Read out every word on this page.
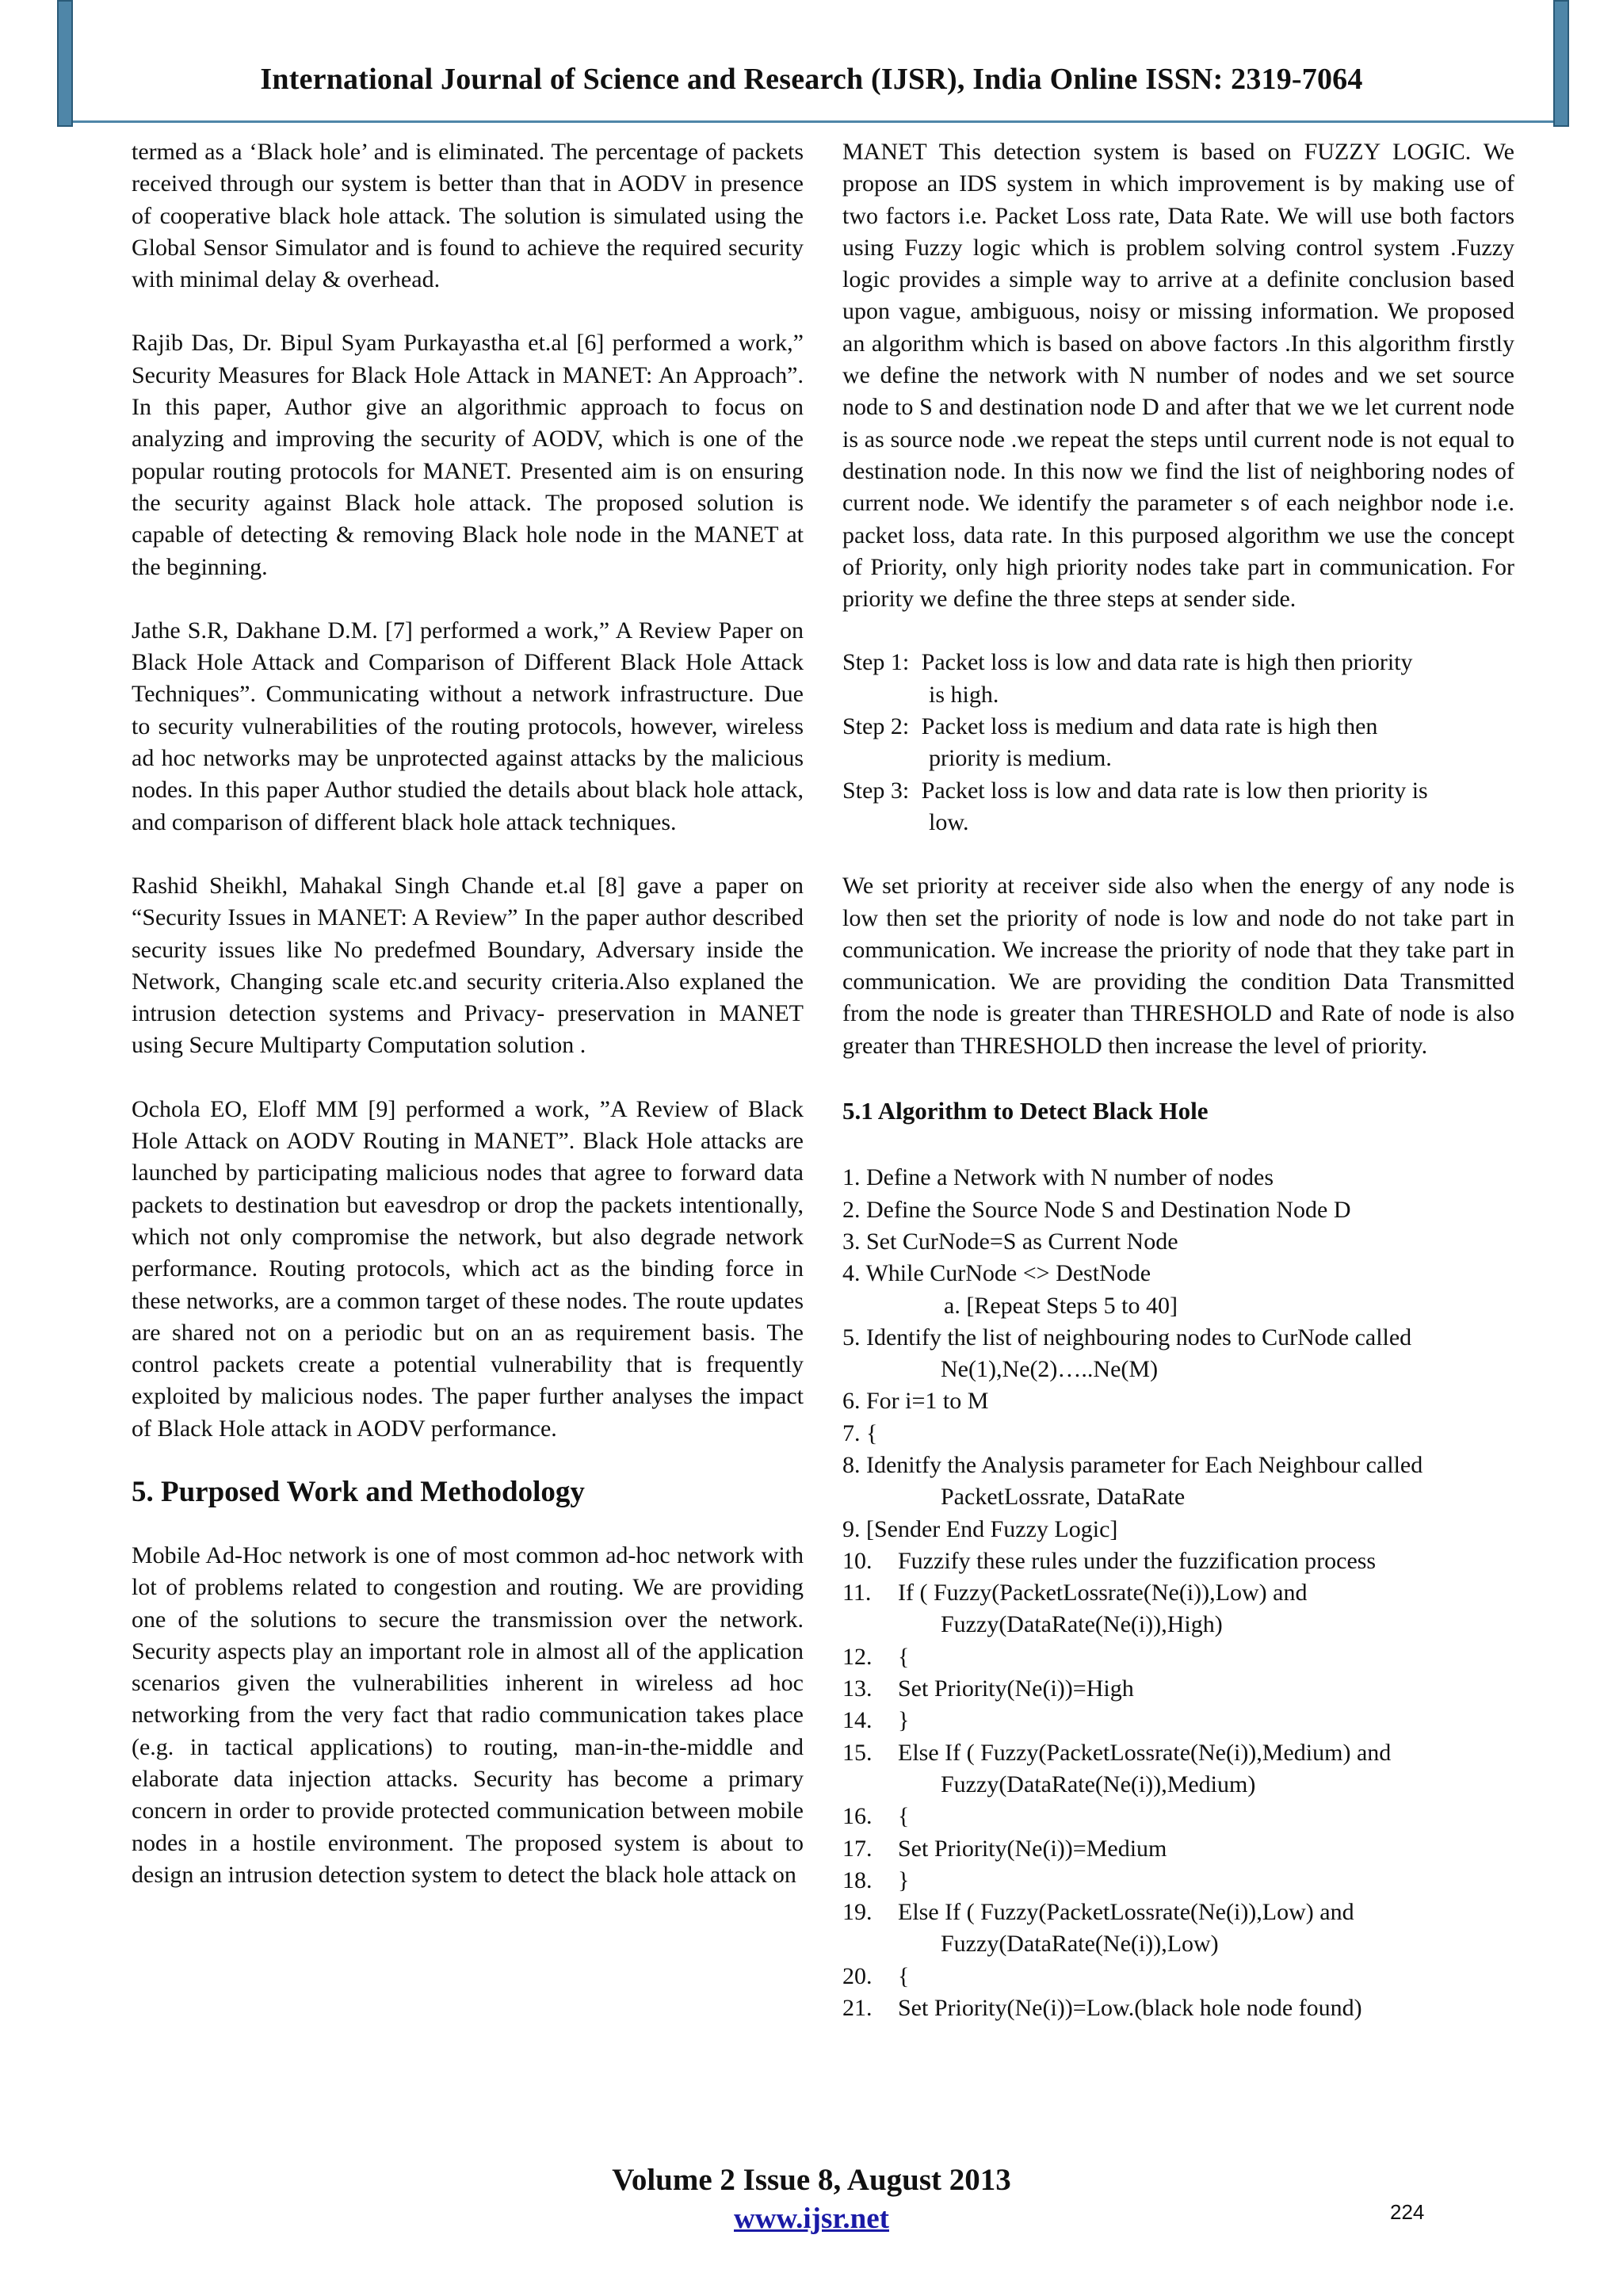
International Journal of Science and Research (IJSR), India Online ISSN: 2319-7064

termed as a ‘Black hole’ and is eliminated. The percentage of packets received through our system is better than that in AODV in presence of cooperative black hole attack. The solution is simulated using the Global Sensor Simulator and is found to achieve the required security with minimal delay & overhead.

Rajib Das, Dr. Bipul Syam Purkayastha et.al [6] performed a work,” Security Measures for Black Hole Attack in MANET: An Approach”. In this paper, Author give an algorithmic approach to focus on analyzing and improving the security of AODV, which is one of the popular routing protocols for MANET. Presented aim is on ensuring the security against Black hole attack. The proposed solution is capable of detecting & removing Black hole node in the MANET at the beginning.

Jathe S.R, Dakhane D.M. [7] performed a work,” A Review Paper on Black Hole Attack and Comparison of Different Black Hole Attack Techniques”. Communicating without a network infrastructure. Due to security vulnerabilities of the routing protocols, however, wireless ad hoc networks may be unprotected against attacks by the malicious nodes. In this paper Author studied the details about black hole attack, and comparison of different black hole attack techniques.

Rashid Sheikhl, Mahakal Singh Chande et.al [8] gave a paper on “Security Issues in MANET: A Review” In the paper author described security issues like No predefmed Boundary, Adversary inside the Network, Changing scale etc.and security criteria.Also explaned the intrusion detection systems and Privacy- preservation in MANET using Secure Multiparty Computation solution .

Ochola EO, Eloff MM [9] performed a work, ”A Review of Black Hole Attack on AODV Routing in MANET”. Black Hole attacks are launched by participating malicious nodes that agree to forward data packets to destination but eavesdrop or drop the packets intentionally, which not only compromise the network, but also degrade network performance. Routing protocols, which act as the binding force in these networks, are a common target of these nodes. The route updates are shared not on a periodic but on an as requirement basis. The control packets create a potential vulnerability that is frequently exploited by malicious nodes. The paper further analyses the impact of Black Hole attack in AODV performance.

5. Purposed Work and Methodology

Mobile Ad-Hoc network is one of most common ad-hoc network with lot of problems related to congestion and routing. We are providing one of the solutions to secure the transmission over the network. Security aspects play an important role in almost all of the application scenarios given the vulnerabilities inherent in wireless ad hoc networking from the very fact that radio communication takes place (e.g. in tactical applications) to routing, man-in-the-middle and elaborate data injection attacks. Security has become a primary concern in order to provide protected communication between mobile nodes in a hostile environment. The proposed system is about to design an intrusion detection system to detect the black hole attack on

MANET This detection system is based on FUZZY LOGIC. We propose an IDS system in which improvement is by making use of two factors i.e. Packet Loss rate, Data Rate. We will use both factors using Fuzzy logic which is problem solving control system .Fuzzy logic provides a simple way to arrive at a definite conclusion based upon vague, ambiguous, noisy or missing information. We proposed an algorithm which is based on above factors .In this algorithm firstly we define the network with N number of nodes and we set source node to S and destination node D and after that we we let current node is as source node .we repeat the steps until current node is not equal to destination node. In this now we find the list of neighboring nodes of current node. We identify the parameter s of each neighbor node i.e. packet loss, data rate. In this purposed algorithm we use the concept of Priority, only high priority nodes take part in communication. For priority we define the three steps at sender side.

Step 1: Packet loss is low and data rate is high then priority
is high.
Step 2: Packet loss is medium and data rate is high then
priority is medium.
Step 3: Packet loss is low and data rate is low then priority is
low.

We set priority at receiver side also when the energy of any node is low then set the priority of node is low and node do not take part in communication. We increase the priority of node that they take part in communication. We are providing the condition Data Transmitted from the node is greater than THRESHOLD and Rate of node is also greater than THRESHOLD then increase the level of priority.

5.1 Algorithm to Detect Black Hole
1. Define a Network with N number of nodes
2. Define the Source Node S and Destination Node D
3. Set CurNode=S as Current Node
4. While CurNode <> DestNode
a. [Repeat Steps 5 to 40]
5. Identify the list of neighbouring nodes to CurNode called
Ne(1),Ne(2)…..Ne(M)
6. For i=1 to M
7. {
8. Idenitfy the Analysis parameter for Each Neighbour called
PacketLossrate, DataRate
9. [Sender End Fuzzy Logic]
10. Fuzzify these rules under the fuzzification process
11. If ( Fuzzy(PacketLossrate(Ne(i)),Low) and
Fuzzy(DataRate(Ne(i)),High)
12. {
13. Set Priority(Ne(i))=High
14. }
15. Else If ( Fuzzy(PacketLossrate(Ne(i)),Medium) and
Fuzzy(DataRate(Ne(i)),Medium)
16. {
17. Set Priority(Ne(i))=Medium
18. }
19. Else If ( Fuzzy(PacketLossrate(Ne(i)),Low) and
Fuzzy(DataRate(Ne(i)),Low)
20. {
21. Set Priority(Ne(i))=Low.(black hole node found)
Volume 2 Issue 8, August 2013
www.ijsr.net	224
